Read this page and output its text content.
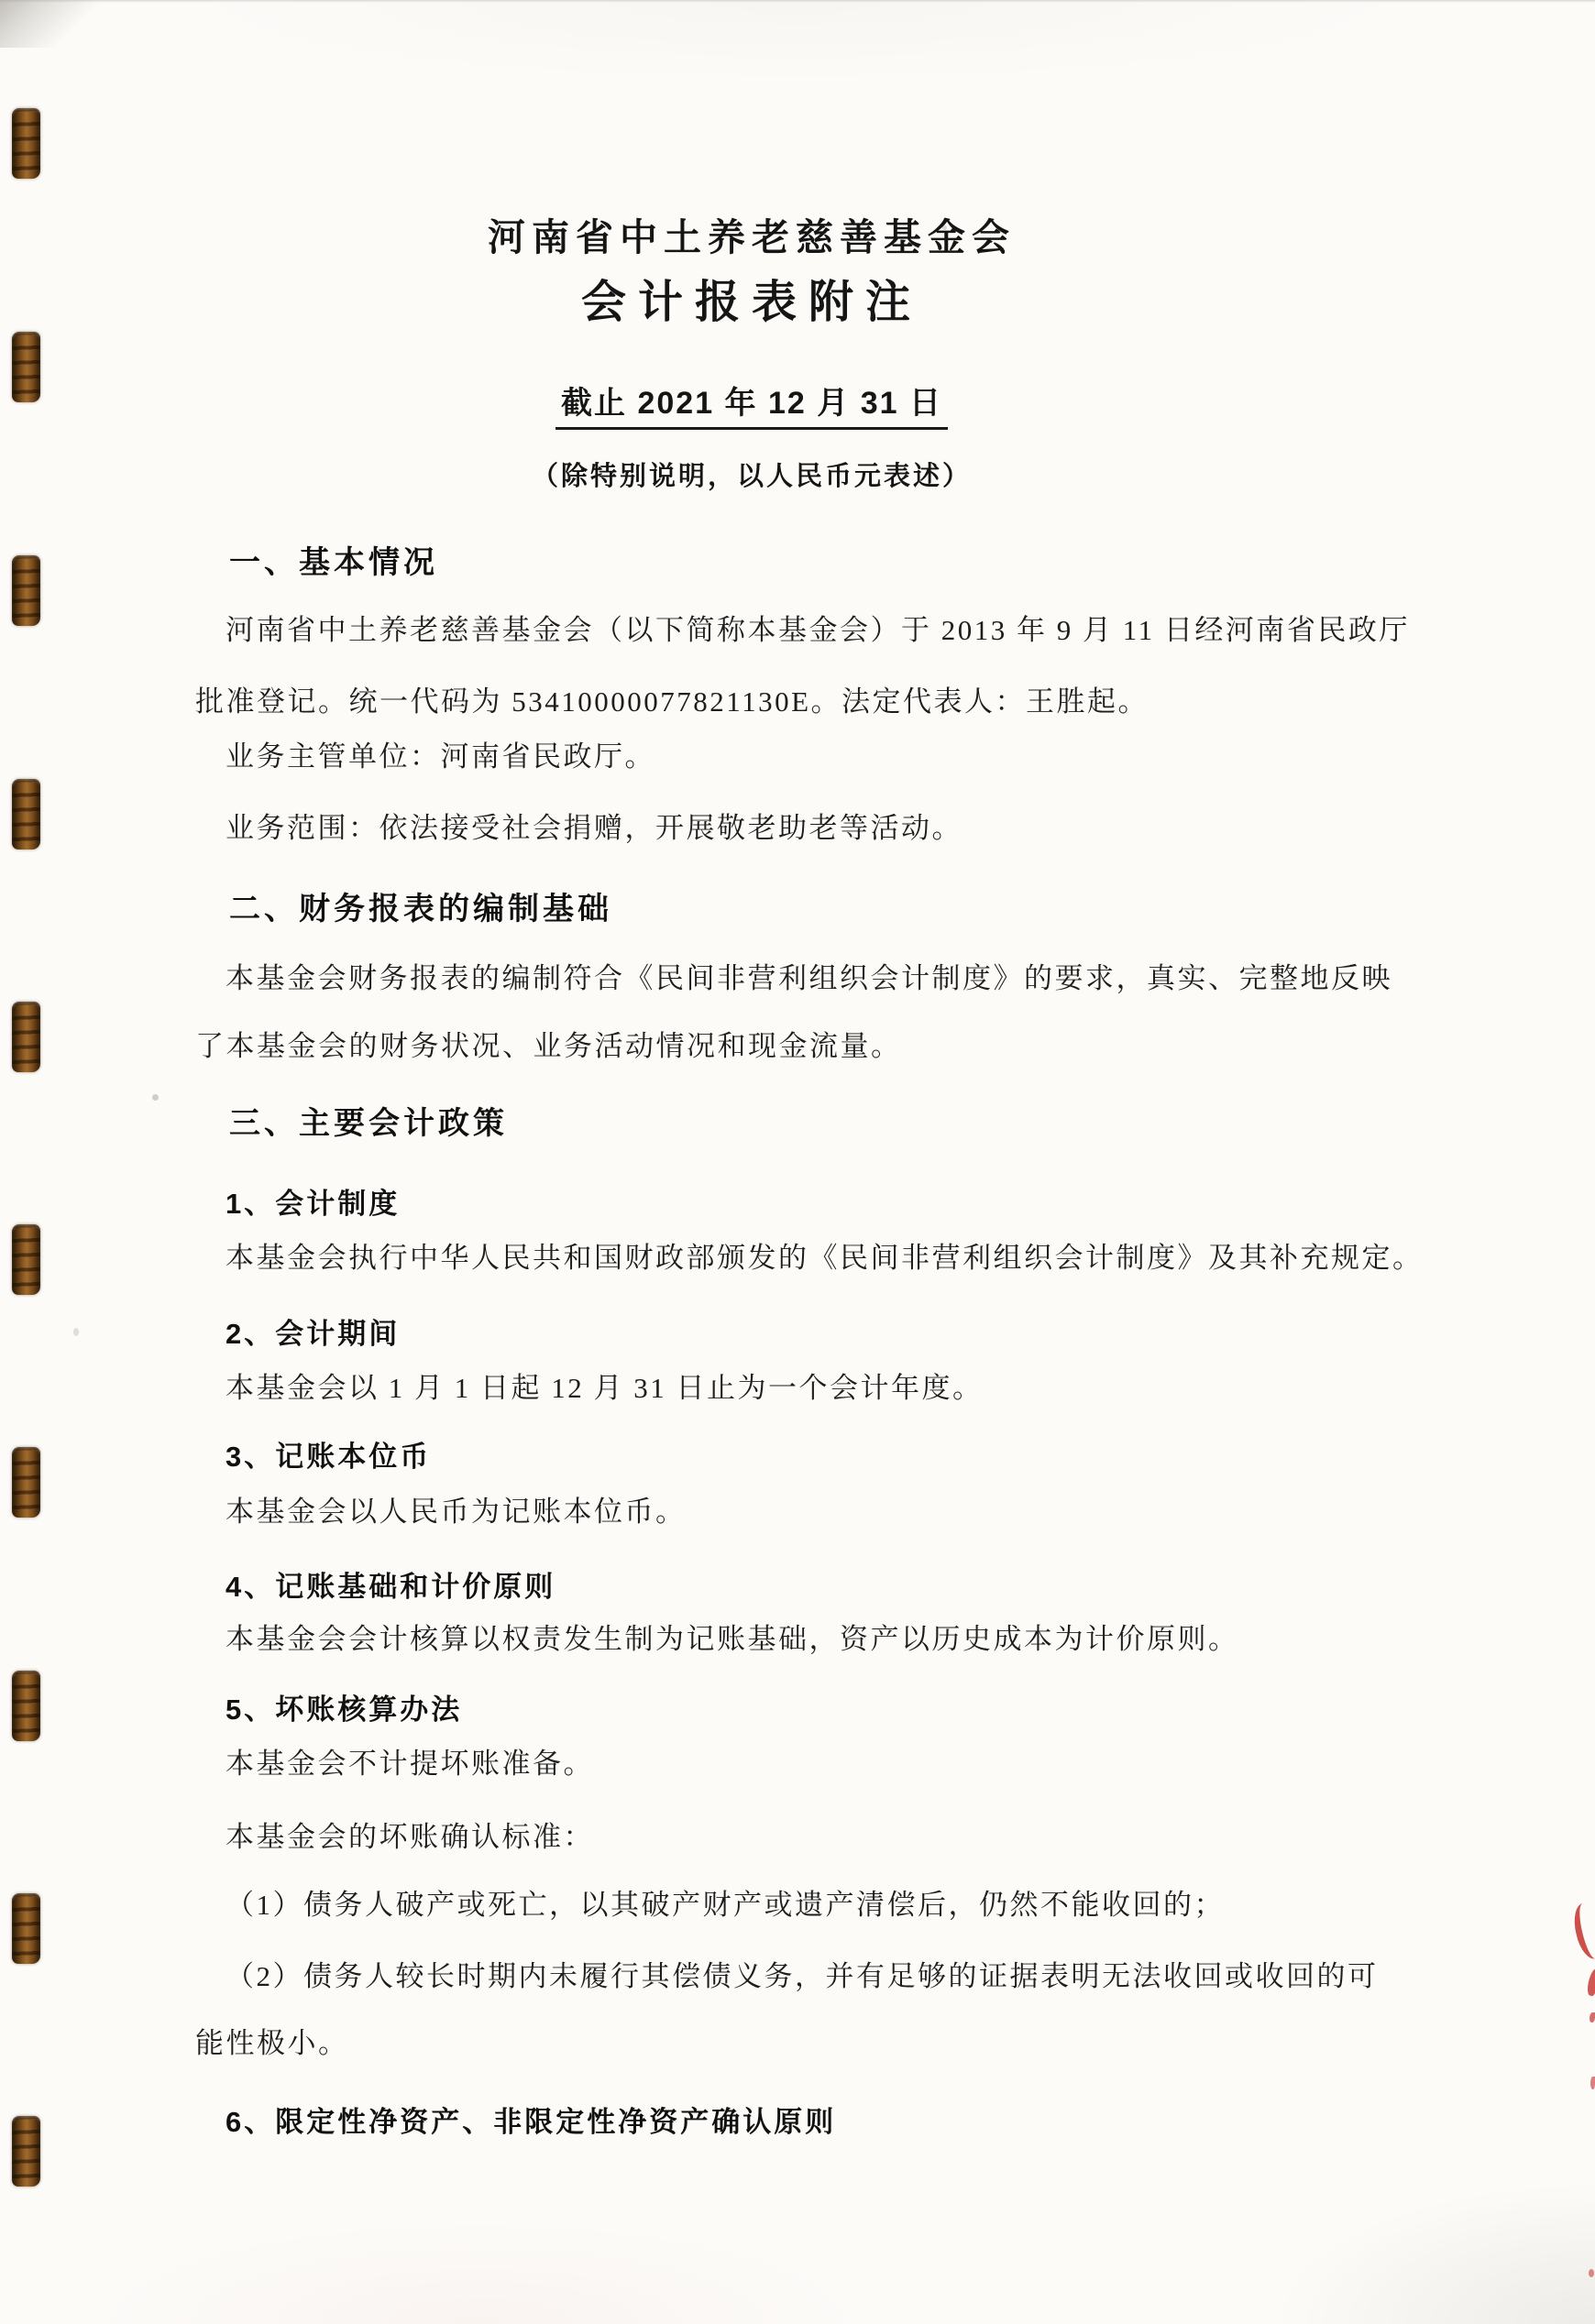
河南省中土养老慈善基金会
会计报表附注
截止 2021 年 12 月 31 日
（除特别说明，以人民币元表述）
一、基本情况
河南省中土养老慈善基金会（以下简称本基金会）于 2013 年 9 月 11 日经河南省民政厅
批准登记。统一代码为 53410000077821130E。法定代表人：王胜起。
业务主管单位：河南省民政厅。
业务范围：依法接受社会捐赠，开展敬老助老等活动。
二、财务报表的编制基础
本基金会财务报表的编制符合《民间非营利组织会计制度》的要求，真实、完整地反映
了本基金会的财务状况、业务活动情况和现金流量。
三、主要会计政策
1、会计制度
本基金会执行中华人民共和国财政部颁发的《民间非营利组织会计制度》及其补充规定。
2、会计期间
本基金会以 1 月 1 日起 12 月 31 日止为一个会计年度。
3、记账本位币
本基金会以人民币为记账本位币。
4、记账基础和计价原则
本基金会会计核算以权责发生制为记账基础，资产以历史成本为计价原则。
5、坏账核算办法
本基金会不计提坏账准备。
本基金会的坏账确认标准：
（1）债务人破产或死亡，以其破产财产或遗产清偿后，仍然不能收回的；
（2）债务人较长时期内未履行其偿债义务，并有足够的证据表明无法收回或收回的可
能性极小。
6、限定性净资产、非限定性净资产确认原则
